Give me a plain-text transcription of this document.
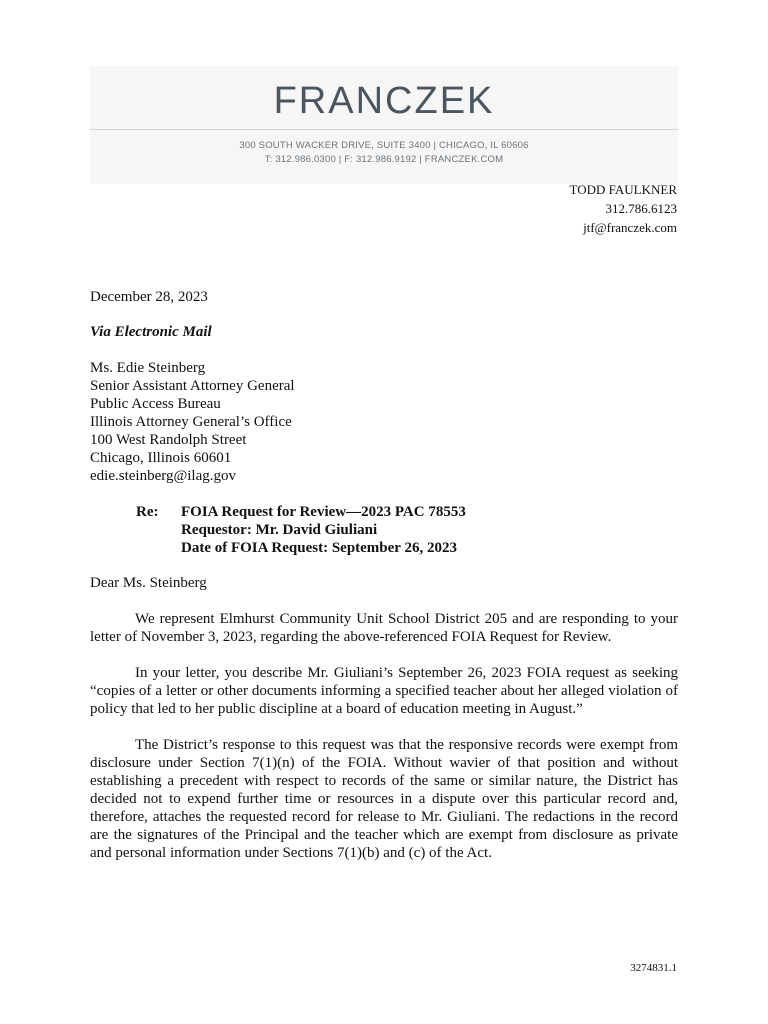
FRANCZEK
300 SOUTH WACKER DRIVE, SUITE 3400 | CHICAGO, IL 60606
T: 312.986.0300 | F: 312.986.9192 | FRANCZEK.COM
TODD FAULKNER
312.786.6123
jtf@franczek.com
December 28, 2023
Via Electronic Mail
Ms. Edie Steinberg
Senior Assistant Attorney General
Public Access Bureau
Illinois Attorney General’s Office
100 West Randolph Street
Chicago, Illinois 60601
edie.steinberg@ilag.gov
Re: FOIA Request for Review—2023 PAC 78553
Requestor: Mr. David Giuliani
Date of FOIA Request: September 26, 2023
Dear Ms. Steinberg
We represent Elmhurst Community Unit School District 205 and are responding to your letter of November 3, 2023, regarding the above-referenced FOIA Request for Review.
In your letter, you describe Mr. Giuliani’s September 26, 2023 FOIA request as seeking “copies of a letter or other documents informing a specified teacher about her alleged violation of policy that led to her public discipline at a board of education meeting in August.”
The District’s response to this request was that the responsive records were exempt from disclosure under Section 7(1)(n) of the FOIA. Without wavier of that position and without establishing a precedent with respect to records of the same or similar nature, the District has decided not to expend further time or resources in a dispute over this particular record and, therefore, attaches the requested record for release to Mr. Giuliani. The redactions in the record are the signatures of the Principal and the teacher which are exempt from disclosure as private and personal information under Sections 7(1)(b) and (c) of the Act.
3274831.1
